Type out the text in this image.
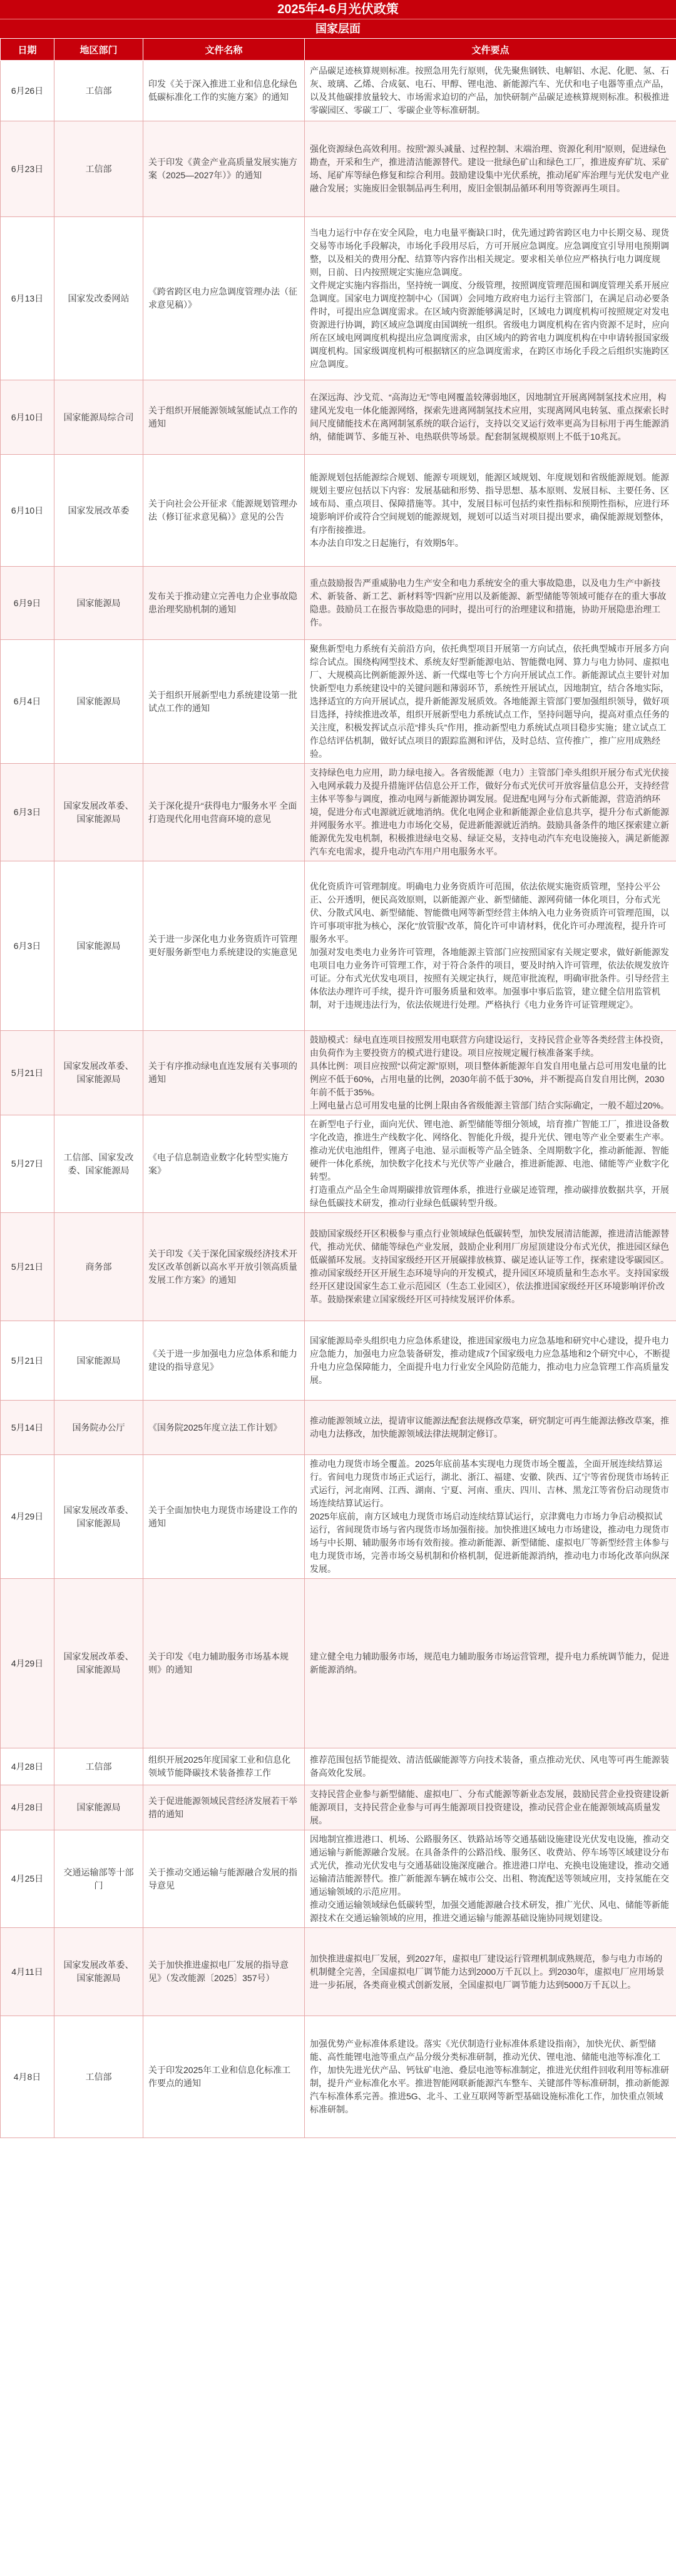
2025年4-6月光伏政策
国家层面
日期	地区部门	文件名称	文件要点
6月26日	工信部	印发《关于深入推进工业和信息化绿色低碳标准化工作的实施方案》的通知	产品碳足迹核算规则标准。按照急用先行原则，优先聚焦钢铁、电解铝、水泥、化肥、氢、石灰、玻璃、乙烯、合成氨、电石、甲醇、锂电池、新能源汽车、光伏和电子电器等重点产品，以及其他碳排放量较大、市场需求迫切的产品，加快研制产品碳足迹核算规则标准。积极推进零碳园区、零碳工厂、零碳企业等标准研制。
6月23日	工信部	关于印发《黄金产业高质量发展实施方案（2025—2027年）》的通知	强化资源绿色高效利用。按照“源头减量、过程控制、末端治理、资源化利用”原则，促进绿色勘查，开采和生产，推进清洁能源替代。建设一批绿色矿山和绿色工厂，推进废弃矿坑、采矿场、尾矿库等绿色修复和综合利用。鼓励建设集中光伏系统，推动尾矿库治理与光伏发电产业融合发展；实施废旧金银制品再生利用，废旧金银制品循环利用等资源再生项目。
6月13日	国家发改委网站	《跨省跨区电力应急调度管理办法（征求意见稿）》	当电力运行中存在安全风险，电力电量平衡缺口时，优先通过跨省跨区电力中长期交易、现货交易等市场化手段解决，市场化手段用尽后，方可开展应急调度。应急调度宜引导用电预期调整，以及相关的费用分配、结算等内容作出相关规定。要求相关单位应严格执行电力调度规则，日前、日内按照规定实施应急调度。
文件规定实施内容指出，坚持统一调度、分级管理，按照调度管理范围和调度管理关系开展应急调度。国家电力调度控制中心（国调）会同地方政府电力运行主管部门，在满足启动必要条件时，可提出应急调度需求。在区域内资源能够满足时，区域电力调度机构可按照规定对发电资源进行协调，跨区域应急调度由国调统一组织。省级电力调度机构在省内资源不足时，应向所在区域电网调度机构提出应急调度需求，由区域内的跨省电力调度机构在中申请转报国家级调度机构。国家级调度机构可根据辖区的应急调度需求，在跨区市场化手段之后组织实施跨区应急调度。
6月10日	国家能源局综合司	关于组织开展能源领域氢能试点工作的通知	在深远海、沙戈荒、“高海边无”等电网覆盖较薄弱地区，因地制宜开展离网制氢技术应用，构建风光发电一体化能源网络，探索先进离网制氢技术应用，实现离网风电转氢、重点探索长时间尺度储能技术在离网制氢系统的联合运行，支持以交叉运行效率更高为目标用于再生能源消纳，储能调节、多能互补、电热联供等场景。配套制氢规模原则上不低于10兆瓦。
6月10日	国家发展改革委	关于向社会公开征求《能源规划管理办法（修订征求意见稿）》意见的公告	能源规划包括能源综合规划、能源专项规划，能源区域规划、年度规划和省级能源规划。能源规划主要应包括以下内容：发展基础和形势、指导思想、基本原则、发展目标、主要任务、区域布局、重点项目、保障措施等。其中，发展目标可包括约束性指标和预期性指标，应进行环境影响评价或符合空间规划的能源规划，规划可以适当对项目提出要求，确保能源规划整体，有序衔接推进。
本办法自印发之日起施行，有效期5年。
6月9日	国家能源局	发布关于推动建立完善电力企业事故隐患治理奖励机制的通知	重点鼓励报告严重威胁电力生产安全和电力系统安全的重大事故隐患，以及电力生产中新技术、新装备、新工艺、新材料等“四新”应用以及新能源、新型储能等领域可能存在的重大事故隐患。鼓励员工在报告事故隐患的同时，提出可行的治理建议和措施，协助开展隐患治理工作。
6月4日	国家能源局	关于组织开展新型电力系统建设第一批试点工作的通知	聚焦新型电力系统有关前沿方向，依托典型项目开展第一方向试点，依托典型城市开展多方向综合试点。围绕构网型技术、系统友好型新能源电站、智能微电网、算力与电力协同、虚拟电厂、大规模高比例新能源外送、新一代煤电等七个方向开展试点工作。新能源试点主要针对加快新型电力系统建设中的关键问题和薄弱环节，系统性开展试点，因地制宜，结合各地实际，选择适宜的方向开展试点，提升新能源发展质效。各地能源主管部门要加强组织领导，做好项目选择，持续推进改革，组织开展新型电力系统试点工作，坚持问题导向，提高对重点任务的关注度，积极发挥试点示范“排头兵”作用，推动新型电力系统试点项目稳步实施；建立试点工作总结评估机制，做好试点项目的跟踪监测和评估，及时总结、宣传推广，推广应用成熟经验。
6月3日	国家发展改革委、国家能源局	关于深化提升“获得电力”服务水平 全面打造现代化用电营商环境的意见	支持绿色电力应用，助力绿电接入。各省级能源（电力）主管部门牵头组织开展分布式光伏接入电网承载力及提升措施评估信息公开工作，做好分布式光伏可开放容量信息公开，支持经营主体平等参与调度，推动电网与新能源协调发展。促进配电网与分布式新能源，营造消纳环境，促进分布式电源就近就地消纳。优化电网企业和新能源企业信息共享，提升分布式新能源并网服务水平。推进电力市场化交易，促进新能源就近消纳。鼓励具备条件的地区探索建立新能源优先发电机制，积极推进绿电交易、绿证交易，支持电动汽车充电设施接入，满足新能源汽车充电需求，提升电动汽车用户用电服务水平。
6月3日	国家能源局	关于进一步深化电力业务资质许可管理更好服务新型电力系统建设的实施意见	优化资质许可管理制度。明确电力业务资质许可范围，依法依规实施资质管理，坚持公平公正、公开透明，便民高效原则，以新能源产业、新型储能、源网荷储一体化项目，分布式光伏、分散式风电、新型储能、智能微电网等新型经营主体纳入电力业务资质许可管理范围，以许可事项审批为核心，深化“放管服”改革，简化许可申请材料，优化许可办理流程，提升许可服务水平。
加强对发电类电力业务许可管理，各地能源主管部门应按照国家有关规定要求，做好新能源发电项目电力业务许可管理工作，对于符合条件的项目，要及时纳入许可管理，依法依规发放许可证。分布式光伏发电项目，按照有关规定执行，规范审批流程，明确审批条件。引导经营主体依法办理许可手续，提升许可服务质量和效率。加强事中事后监管，建立健全信用监管机制，对于违规违法行为，依法依规进行处理。严格执行《电力业务许可证管理规定》。
5月21日	国家发展改革委、国家能源局	关于有序推动绿电直连发展有关事项的通知	鼓励模式：绿电直连项目按照发用电联营方向建设运行，支持民营企业等各类经营主体投资，由负荷作为主要投资方的模式进行建设。项目应按规定履行核准备案手续。
具体比例：项目应按照“以荷定源”原则，项目整体新能源年自发自用电量占总可用发电量的比例应不低于60%，占用电量的比例，2030年前不低于30%，并不断提高自发自用比例，2030年前不低于35%。
上网电量占总可用发电量的比例上限由各省级能源主管部门结合实际确定，一般不超过20%。
5月27日	工信部、国家发改委、国家能源局	《电子信息制造业数字化转型实施方案》	在新型电子行业，面向光伏、锂电池、新型储能等细分领域，培育推广智能工厂，推进设备数字化改造，推进生产线数字化、网络化、智能化升级，提升光伏、锂电等产业全要素生产率。推动光伏电池组件，锂离子电池、显示面板等产品全链条、全周期数字化，推动新能源、智能硬件一体化系统，加快数字化技术与光伏等产业融合，推进新能源、电池、储能等产业数字化转型。
打造重点产品全生命周期碳排放管理体系，推进行业碳足迹管理，推动碳排放数据共享，开展绿色低碳技术研发，推动行业绿色低碳转型升级。
5月21日	商务部	关于印发《关于深化国家级经济技术开发区改革创新以高水平开放引领高质量发展工作方案》的通知	鼓励国家级经开区积极参与重点行业领域绿色低碳转型，加快发展清洁能源，推进清洁能源替代，推动光伏、储能等绿色产业发展，鼓励企业利用厂房屋顶建设分布式光伏，推进园区绿色低碳循环发展。支持国家级经开区开展碳排放核算、碳足迹认证等工作，探索建设零碳园区。推动国家级经开区开展生态环境导向的开发模式，提升园区环境质量和生态水平。支持国家级经开区建设国家生态工业示范园区（生态工业园区），依法推进国家级经开区环境影响评价改革。鼓励探索建立国家级经开区可持续发展评价体系。
5月21日	国家能源局	《关于进一步加强电力应急体系和能力建设的指导意见》	国家能源局牵头组织电力应急体系建设，推进国家级电力应急基地和研究中心建设，提升电力应急能力，加强电力应急装备研发，推动建成7个国家级电力应急基地和2个研究中心，不断提升电力应急保障能力，全面提升电力行业安全风险防范能力，推动电力应急管理工作高质量发展。
5月14日	国务院办公厅	《国务院2025年度立法工作计划》	推动能源领域立法，提请审议能源法配套法规修改草案，研究制定可再生能源法修改草案，推动电力法修改，加快能源领域法律法规制定修订。
4月29日	国家发展改革委、国家能源局	关于全面加快电力现货市场建设工作的通知	推动电力现货市场全覆盖。2025年底前基本实现电力现货市场全覆盖，全面开展连续结算运行。省间电力现货市场正式运行，湖北、浙江、福建、安徽、陕西、辽宁等省份现货市场转正式运行，河北南网、江西、湖南、宁夏、河南、重庆、四川、吉林、黑龙江等省份启动现货市场连续结算试运行。
2025年底前，南方区域电力现货市场启动连续结算试运行，京津冀电力市场力争启动模拟试运行，省间现货市场与省内现货市场加强衔接。加快推进区域电力市场建设，推动电力现货市场与中长期、辅助服务市场有效衔接。推动新能源、新型储能、虚拟电厂等新型经营主体参与电力现货市场，完善市场交易机制和价格机制，促进新能源消纳，推动电力市场化改革向纵深发展。
4月29日	国家发展改革委、国家能源局	关于印发《电力辅助服务市场基本规则》的通知	建立健全电力辅助服务市场，规范电力辅助服务市场运营管理，提升电力系统调节能力，促进新能源消纳。
4月28日	工信部	组织开展2025年度国家工业和信息化领域节能降碳技术装备推荐工作	推荐范围包括节能提效、清洁低碳能源等方向技术装备，重点推动光伏、风电等可再生能源装备高效化发展。
4月28日	国家能源局	关于促进能源领域民营经济发展若干举措的通知	支持民营企业参与新型储能、虚拟电厂、分布式能源等新业态发展，鼓励民营企业投资建设新能源项目，支持民营企业参与可再生能源项目投资建设，推动民营企业在能源领域高质量发展。
4月25日	交通运输部等十部门	关于推动交通运输与能源融合发展的指导意见	因地制宜推进港口、机场、公路服务区、铁路站场等交通基础设施建设光伏发电设施，推动交通运输与新能源融合发展。在具备条件的公路沿线、服务区、收费站、停车场等区域建设分布式光伏，推动光伏发电与交通基础设施深度融合。推进港口岸电、充换电设施建设，推动交通运输清洁能源替代。推广新能源车辆在城市公交、出租、物流配送等领域应用，支持氢能在交通运输领域的示范应用。
推动交通运输领域绿色低碳转型，加强交通能源融合技术研发，推广光伏、风电、储能等新能源技术在交通运输领域的应用，推进交通运输与能源基础设施协同规划建设。
4月11日	国家发展改革委、国家能源局	关于加快推进虚拟电厂发展的指导意见》（发改能源〔2025〕357号）	加快推进虚拟电厂发展，到2027年，虚拟电厂建设运行管理机制成熟规范，参与电力市场的机制健全完善，全国虚拟电厂调节能力达到2000万千瓦以上。到2030年，虚拟电厂应用场景进一步拓展，各类商业模式创新发展，全国虚拟电厂调节能力达到5000万千瓦以上。
4月8日	工信部	关于印发2025年工业和信息化标准工作要点的通知	加强优势产业标准体系建设。落实《光伏制造行业标准体系建设指南》，加快光伏、新型储能、高性能锂电池等重点产品分级分类标准研制，推动光伏、锂电池、储能电池等标准化工作，加快先进光伏产品、钙钛矿电池、叠层电池等标准制定，推进光伏组件回收利用等标准研制，提升产业标准化水平。推进智能网联新能源汽车整车、关键部件等标准研制，推动新能源汽车标准体系完善。推进5G、北斗、工业互联网等新型基础设施标准化工作，加快重点领域标准研制。
